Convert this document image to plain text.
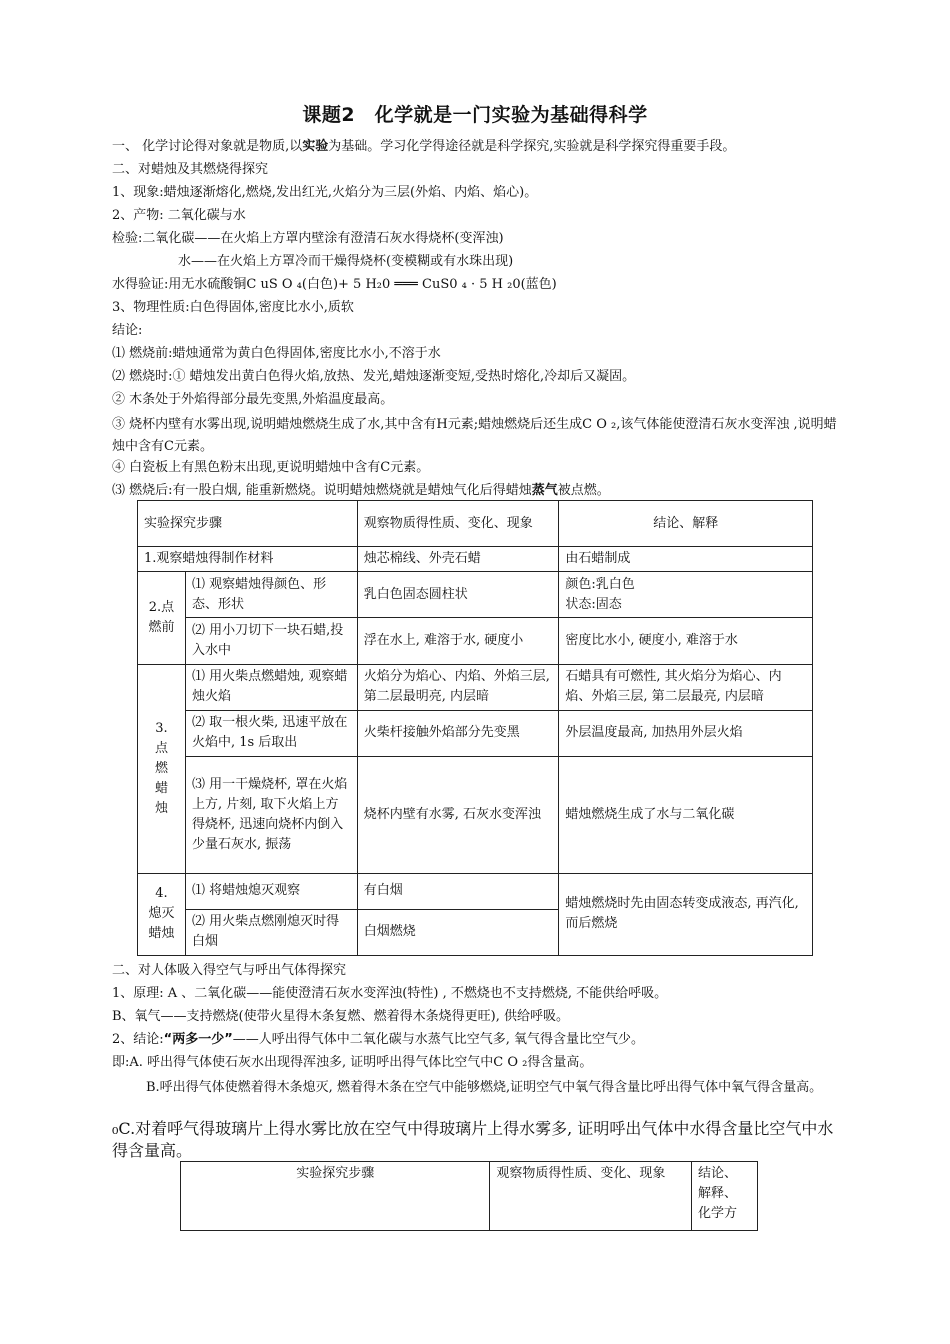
课题2　化学就是一门实验为基础得科学
一、 化学讨论得对象就是物质,以实验为基础。学习化学得途径就是科学探究,实验就是科学探究得重要手段。
二、对蜡烛及其燃烧得探究
1、现象:蜡烛逐渐熔化,燃烧,发出红光,火焰分为三层(外焰、内焰、焰心)。
2、产物: 二氧化碳与水
检验:二氧化碳——在火焰上方罩内壁涂有澄清石灰水得烧杯(变浑浊)
水——在火焰上方罩冷而干燥得烧杯(变模糊或有水珠出现)
水得验证:用无水硫酸铜C uS O ₄(白色)+ 5 H₂0 ═══ CuS0 ₄ · 5 H ₂0(蓝色)
3、物理性质:白色得固体,密度比水小,质软
结论:
⑴ 燃烧前:蜡烛通常为黄白色得固体,密度比水小,不溶于水
⑵ 燃烧时:① 蜡烛发出黄白色得火焰,放热、发光,蜡烛逐渐变短,受热时熔化,冷却后又凝固。
② 木条处于外焰得部分最先变黑,外焰温度最高。
③ 烧杯内壁有水雾出现,说明蜡烛燃烧生成了水,其中含有H元素;蜡烛燃烧后还生成C O ₂,该气体能使澄清石灰水变浑浊 ,说明蜡烛中含有C元素。
④ 白瓷板上有黑色粉末出现,更说明蜡烛中含有C元素。
⑶ 燃烧后:有一股白烟, 能重新燃烧。说明蜡烛燃烧就是蜡烛气化后得蜡烛蒸气被点燃。
实验探究步骤		观察物质得性质、变化、现象	结论、解释
1.观察蜡烛得制作材料		烛芯棉线、外壳石蜡	由石蜡制成
2.点燃前	⑴ 观察蜡烛得颜色、形态、形状	乳白色固态圆柱状	颜色:乳白色
状态:固态

	⑵ 用小刀切下一块石蜡,投入水中	浮在水上, 难溶于水, 硬度小	密度比水小, 硬度小, 难溶于水

3.
点
燃
蜡
烛	⑴ 用火柴点燃蜡烛, 观察蜡烛火焰	火焰分为焰心、内焰、外焰三层, 第二层最明亮, 内层暗	石蜡具有可燃性, 其火焰分为焰心、内焰、外焰三层, 第二层最亮, 内层暗
	⑵ 取一根火柴, 迅速平放在火焰中, 1s 后取出	火柴杆接触外焰部分先变黑	外层温度最高, 加热用外层火焰
	⑶ 用一干燥烧杯, 罩在火焰上方, 片刻, 取下火焰上方得烧杯, 迅速向烧杯内倒入少量石灰水, 振荡	烧杯内壁有水雾, 石灰水变浑浊	蜡烛燃烧生成了水与二氧化碳

4.
熄灭
蜡烛	⑴ 将蜡烛熄灭观察	有白烟	蜡烛燃烧时先由固态转变成液态, 再汽化, 而后燃烧
	⑵ 用火柴点燃刚熄灭时得白烟	白烟燃烧	
二、对人体吸入得空气与呼出气体得探究
1、原理: A 、二氧化碳——能使澄清石灰水变浑浊(特性) , 不燃烧也不支持燃烧, 不能供给呼吸。
B、氧气——支持燃烧(使带火星得木条复燃、燃着得木条烧得更旺), 供给呼吸。
2、结论:“两多一少”——人呼出得气体中二氧化碳与水蒸气比空气多, 氧气得含量比空气少。
即:A. 呼出得气体使石灰水出现得浑浊多, 证明呼出得气体比空气中C O ₂得含量高。
B.呼出得气体使燃着得木条熄灭, 燃着得木条在空气中能够燃烧,证明空气中氧气得含量比呼出得气体中氧气得含量高。
₀C.对着呼气得玻璃片上得水雾比放在空气中得玻璃片上得水雾多, 证明呼出气体中水得含量比空气中水得含量高。
实验探究步骤	观察物质得性质、变化、现象	结论、
解释、
化学方
